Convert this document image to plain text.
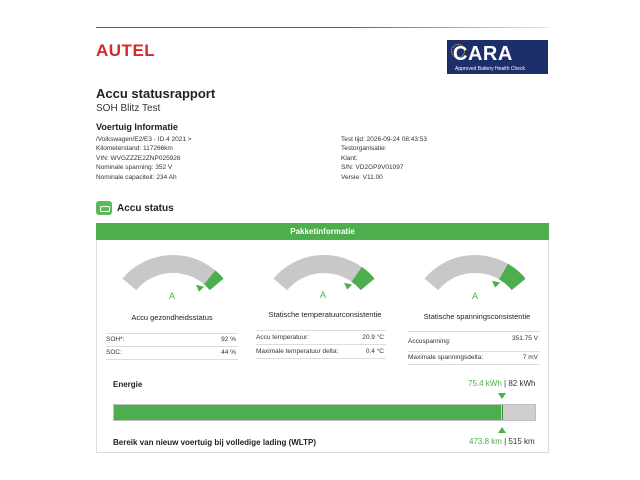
AUTEL	CARA
Approved Battery Health Check
Accu statusrapport
SOH Blitz Test
Voertuig Informatie
/Volkswagen/E2/E3 - ID.4 2021 >
Kilometerstand: 117266km
VIN: WVGZZZE2ZNP025926
Nominale spanning: 352 V
Nominale capaciteit: 234 Ah
Test tijd: 2026-09-24 08:43:53
Testorganisatie:
Klant:
S/N: VD2GP9V01097
Versie: V11.00
Accu status
Pakketinformatie
A	A	A
Accu gezondheidsstatus	Statische temperatuurconsistentie	Statische spanningsconsistentie
SOH*:	92 %
SOC:	44 %
Accu temperatuur:	20.9 °C
Maximale temperatuur delta:	0.4 °C
Accuspanning:	351.75 V
Maximale spanningsdelta:	7 mV
Energie	75.4 kWh | 82 kWh
Bereik van nieuw voertuig bij volledige lading (WLTP)	473.8 km | 515 km
